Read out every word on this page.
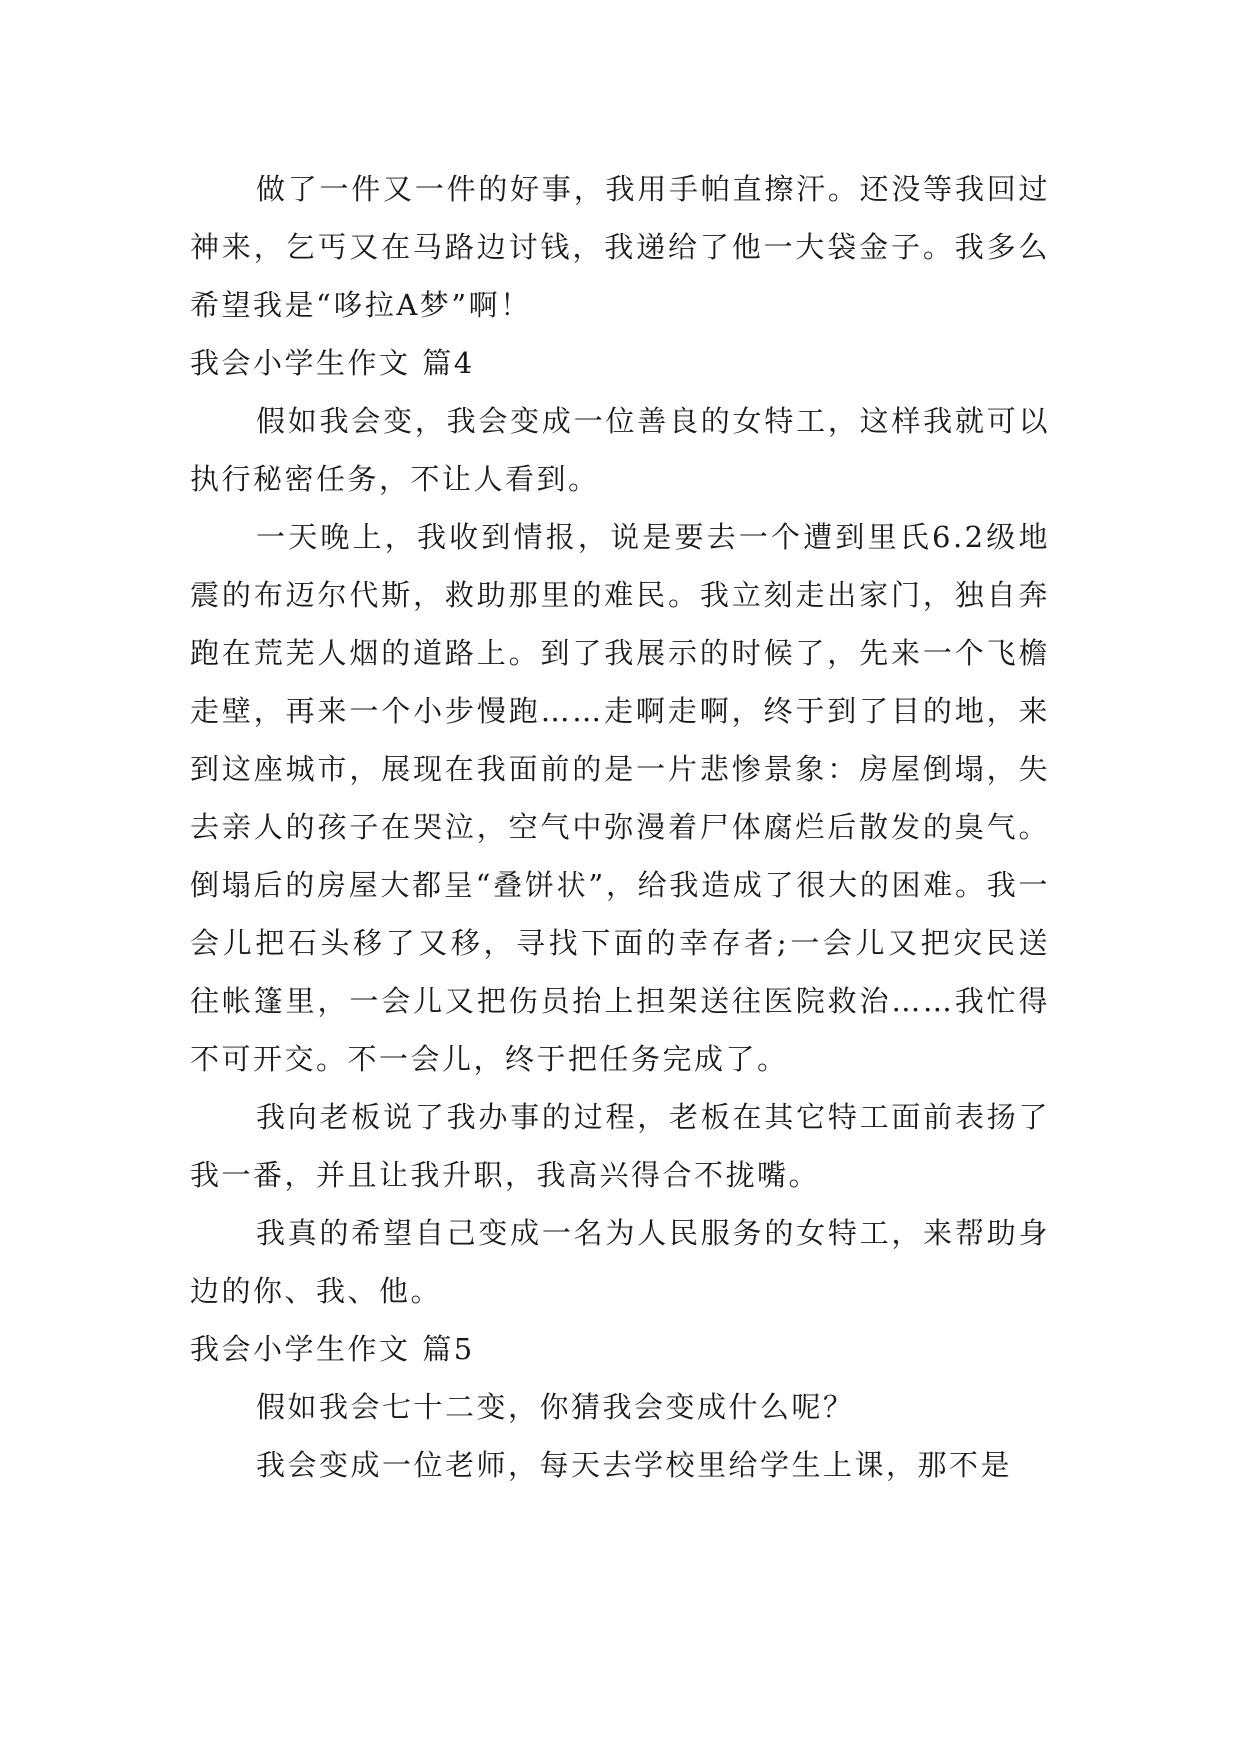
做了一件又一件的好事，我用手帕直擦汗。还没等我回过神来，乞丐又在马路边讨钱，我递给了他一大袋金子。我多么希望我是“哆拉A梦”啊！

我会小学生作文 篇4

假如我会变，我会变成一位善良的女特工，这样我就可以执行秘密任务，不让人看到。

一天晚上，我收到情报，说是要去一个遭到里氏6.2级地震的布迈尔代斯，救助那里的难民。我立刻走出家门，独自奔跑在荒芜人烟的道路上。到了我展示的时候了，先来一个飞檐走壁，再来一个小步慢跑……走啊走啊，终于到了目的地，来到这座城市，展现在我面前的是一片悲惨景象：房屋倒塌，失去亲人的孩子在哭泣，空气中弥漫着尸体腐烂后散发的臭气。倒塌后的房屋大都呈“叠饼状”，给我造成了很大的困难。我一会儿把石头移了又移，寻找下面的幸存者;一会儿又把灾民送往帐篷里，一会儿又把伤员抬上担架送往医院救治……我忙得不可开交。不一会儿，终于把任务完成了。

我向老板说了我办事的过程，老板在其它特工面前表扬了我一番，并且让我升职，我高兴得合不拢嘴。

我真的希望自己变成一名为人民服务的女特工，来帮助身边的你、我、他。

我会小学生作文 篇5

假如我会七十二变，你猜我会变成什么呢？

我会变成一位老师，每天去学校里给学生上课，那不是
